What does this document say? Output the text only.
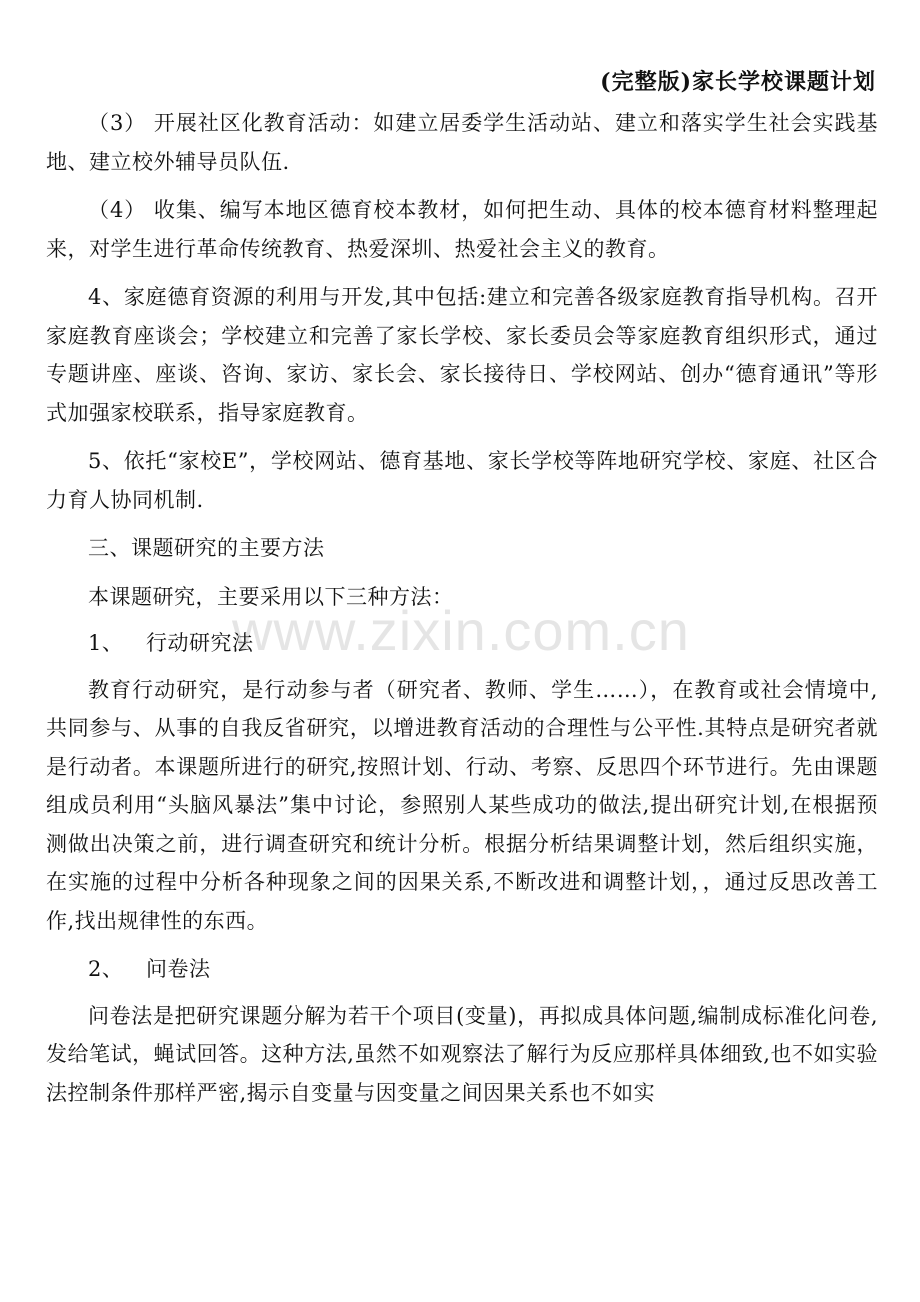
(完整版)家长学校课题计划
www.zixin.com.cn

（3） 开展社区化教育活动：如建立居委学生活动站、建立和落实学生社会实践基地、建立校外辅导员队伍.

（4） 收集、编写本地区德育校本教材，如何把生动、具体的校本德育材料整理起来，对学生进行革命传统教育、热爱深圳、热爱社会主义的教育。

4、家庭德育资源的利用与开发,其中包括:建立和完善各级家庭教育指导机构。召开家庭教育座谈会；学校建立和完善了家长学校、家长委员会等家庭教育组织形式，通过专题讲座、座谈、咨询、家访、家长会、家长接待日、学校网站、创办“德育通讯”等形式加强家校联系，指导家庭教育。

5、依托“家校E”，学校网站、德育基地、家长学校等阵地研究学校、家庭、社区合力育人协同机制.

三、课题研究的主要方法

本课题研究，主要采用以下三种方法：

1、 行动研究法

教育行动研究，是行动参与者（研究者、教师、学生……），在教育或社会情境中,共同参与、从事的自我反省研究，以增进教育活动的合理性与公平性.其特点是研究者就是行动者。本课题所进行的研究,按照计划、行动、考察、反思四个环节进行。先由课题组成员利用“头脑风暴法”集中讨论，参照别人某些成功的做法,提出研究计划,在根据预测做出决策之前，进行调查研究和统计分析。根据分析结果调整计划，然后组织实施，在实施的过程中分析各种现象之间的因果关系,不断改进和调整计划，，通过反思改善工作,找出规律性的东西。

2、 问卷法

问卷法是把研究课题分解为若干个项目(变量)，再拟成具体问题,编制成标准化问卷,发给笔试，蝇试回答。这种方法,虽然不如观察法了解行为反应那样具体细致,也不如实验法控制条件那样严密,揭示自变量与因变量之间因果关系也不如实
